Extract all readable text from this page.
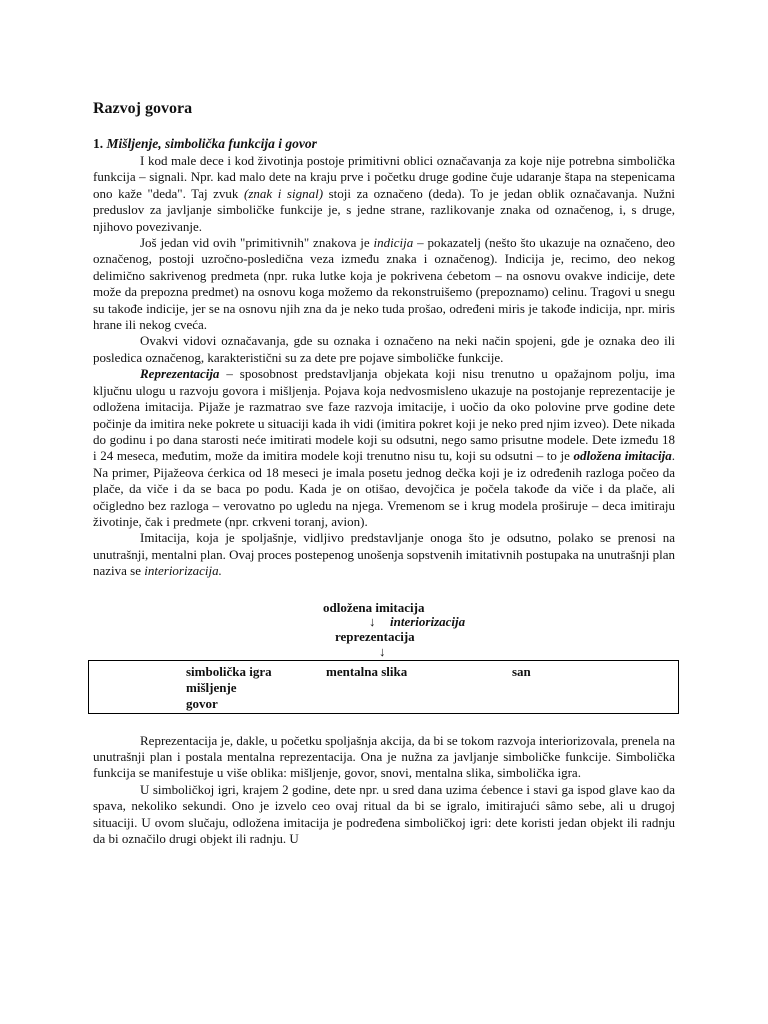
Razvoj govora
1. Mišljenje, simbolička funkcija i govor

I kod male dece i kod životinja postoje primitivni oblici označavanja za koje nije potrebna simbolička funkcija – signali. Npr. kad malo dete na kraju prve i početku druge godine čuje udaranje štapa na stepenicama ono kaže "deda". Taj zvuk (znak i signal) stoji za označeno (deda). To je jedan oblik označavanja. Nužni preduslov za javljanje simboličke funkcije je, s jedne strane, razlikovanje znaka od označenog, i, s druge, njihovo povezivanje.

Još jedan vid ovih "primitivnih" znakova je indicija – pokazatelj (nešto što ukazuje na označeno, deo označenog, postoji uzročno-posledična veza između znaka i označenog). Indicija je, recimo, deo nekog delimično sakrivenog predmeta (npr. ruka lutke koja je pokrivena ćebetom – na osnovu ovakve indicije, dete može da prepozna predmet) na osnovu koga možemo da rekonstruišemo (prepoznamo) celinu. Tragovi u snegu su takođe indicije, jer se na osnovu njih zna da je neko tuda prošao, određeni miris je takođe indicija, npr. miris hrane ili nekog cveća.

Ovakvi vidovi označavanja, gde su oznaka i označeno na neki način spojeni, gde je oznaka deo ili posledica označenog, karakteristični su za dete pre pojave simboličke funkcije.

Reprezentacija – sposobnost predstavljanja objekata koji nisu trenutno u opažajnom polju, ima ključnu ulogu u razvoju govora i mišljenja. Pojava koja nedvosmisleno ukazuje na postojanje reprezentacije je odložena imitacija. Pijaže je razmatrao sve faze razvoja imitacije, i uočio da oko polovine prve godine dete počinje da imitira neke pokrete u situaciji kada ih vidi (imitira pokret koji je neko pred njim izveo). Dete nikada do godinu i po dana starosti neće imitirati modele koji su odsutni, nego samo prisutne modele. Dete između 18 i 24 meseca, međutim, može da imitira modele koji trenutno nisu tu, koji su odsutni – to je odložena imitacija. Na primer, Pijažeova ćerkica od 18 meseci je imala posetu jednog dečka koji je iz određenih razloga počeo da plače, da viče i da se baca po podu. Kada je on otišao, devojčica je počela takođe da viče i da plače, ali očigledno bez razloga – verovatno po ugledu na njega. Vremenom se i krug modela proširuje – deca imitiraju životinje, čak i predmete (npr. crkveni toranj, avion).

Imitacija, koja je spoljašnje, vidljivo predstavljanje onoga što je odsutno, polako se prenosi na unutrašnji, mentalni plan. Ovaj proces postepenog unošenja sopstvenih imitativnih postupaka na unutrašnji plan naziva se interiorizacija.

odložena imitacija
↓ interiorizacija
reprezentacija
↓
simbolička igra
mišljenje
govor
mentalna slika	san

Reprezentacija je, dakle, u početku spoljašnja akcija, da bi se tokom razvoja interiorizovala, prenela na unutrašnji plan i postala mentalna reprezentacija. Ona je nužna za javljanje simboličke funkcije. Simbolička funkcija se manifestuje u više oblika: mišljenje, govor, snovi, mentalna slika, simbolička igra.

U simboličkoj igri, krajem 2 godine, dete npr. u sred dana uzima ćebence i stavi ga ispod glave kao da spava, nekoliko sekundi. Ono je izvelo ceo ovaj ritual da bi se igralo, imitirajući sâmo sebe, ali u drugoj situaciji. U ovom slučaju, odložena imitacija je podređena simboličkoj igri: dete koristi jedan objekt ili radnju da bi označilo drugi objekt ili radnju. U
